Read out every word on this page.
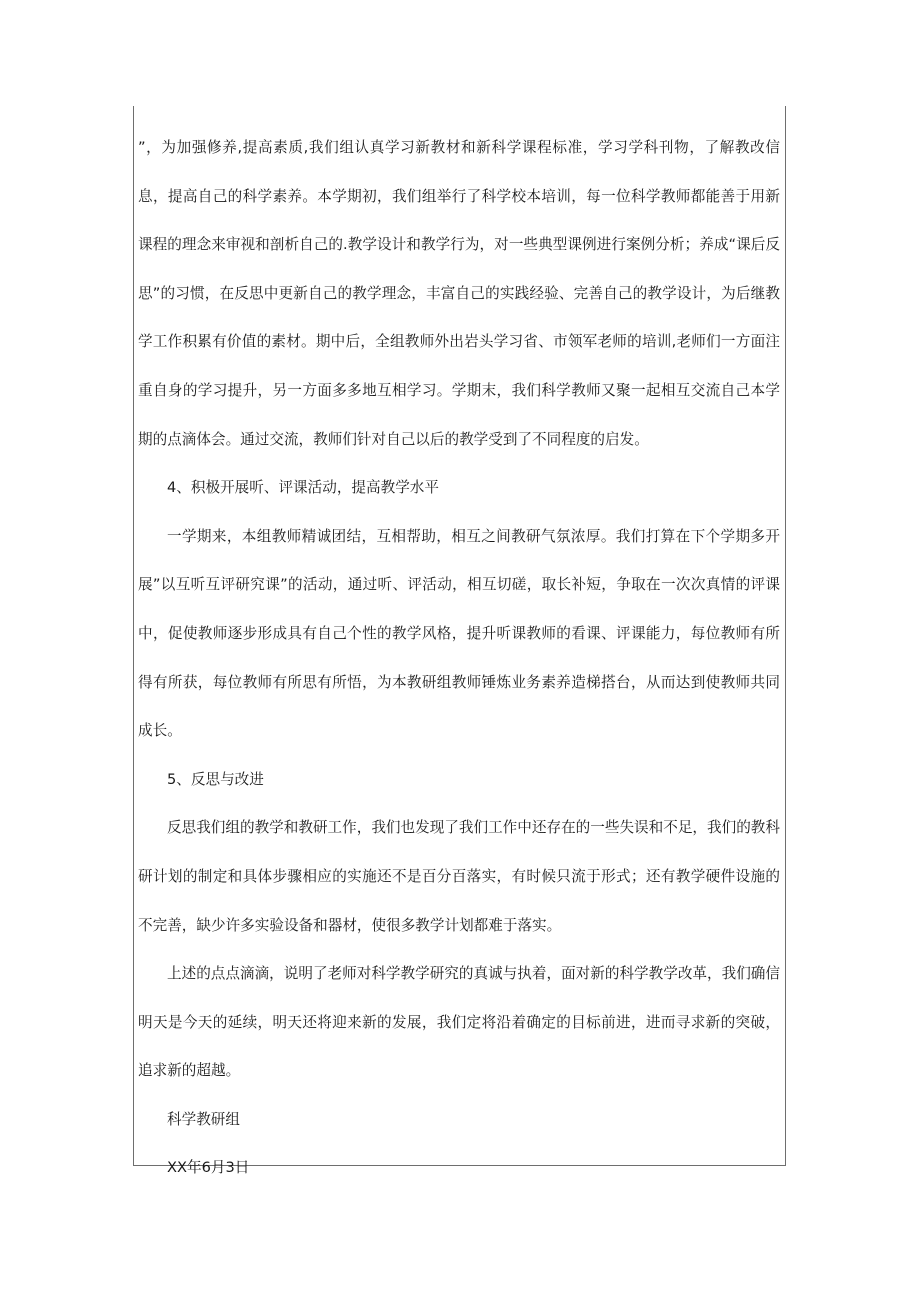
”，为加强修养,提高素质,我们组认真学习新教材和新科学课程标准，学习学科刊物，了解教改信息，提高自己的科学素养。本学期初，我们组举行了科学校本培训，每一位科学教师都能善于用新课程的理念来审视和剖析自己的.教学设计和教学行为，对一些典型课例进行案例分析；养成“课后反思”的习惯，在反思中更新自己的教学理念，丰富自己的实践经验、完善自己的教学设计，为后继教学工作积累有价值的素材。期中后，全组教师外出岩头学习省、市领军老师的培训,老师们一方面注重自身的学习提升，另一方面多多地互相学习。学期末，我们科学教师又聚一起相互交流自己本学期的点滴体会。通过交流，教师们针对自己以后的教学受到了不同程度的启发。

4、积极开展听、评课活动，提高教学水平

一学期来，本组教师精诚团结，互相帮助，相互之间教研气氛浓厚。我们打算在下个学期多开展”以互听互评研究课”的活动，通过听、评活动，相互切磋，取长补短，争取在一次次真情的评课中，促使教师逐步形成具有自己个性的教学风格，提升听课教师的看课、评课能力，每位教师有所得有所获，每位教师有所思有所悟，为本教研组教师锤炼业务素养造梯搭台，从而达到使教师共同成长。

5、反思与改进

反思我们组的教学和教研工作，我们也发现了我们工作中还存在的一些失误和不足，我们的教科研计划的制定和具体步骤相应的实施还不是百分百落实，有时候只流于形式；还有教学硬件设施的不完善，缺少许多实验设备和器材，使很多教学计划都难于落实。

上述的点点滴滴，说明了老师对科学教学研究的真诚与执着，面对新的科学教学改革，我们确信明天是今天的延续，明天还将迎来新的发展，我们定将沿着确定的目标前进，进而寻求新的突破，追求新的超越。

科学教研组

XX年6月3日
